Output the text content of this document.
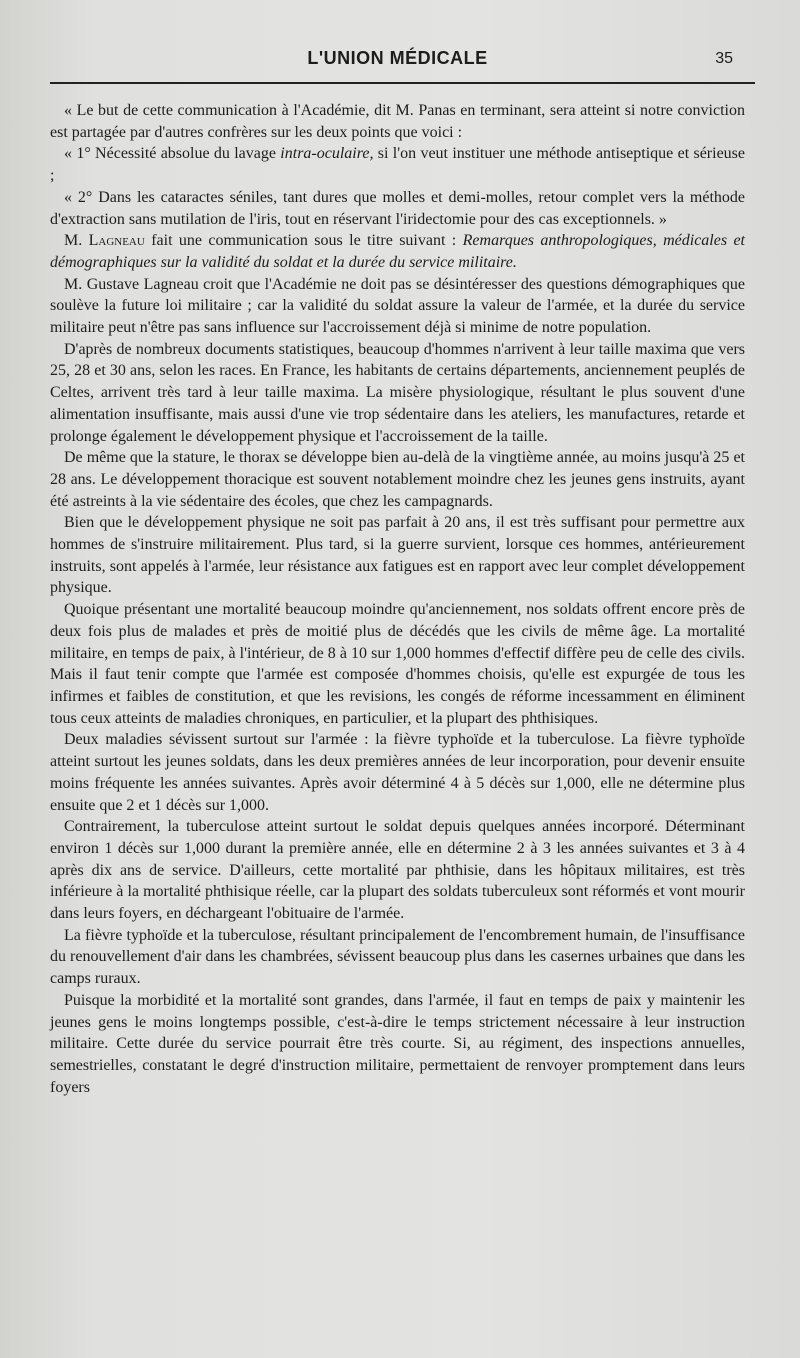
L'UNION MÉDICALE	35

« Le but de cette communication à l'Académie, dit M. Panas en terminant, sera atteint si notre conviction est partagée par d'autres confrères sur les deux points que voici :

« 1° Nécessité absolue du lavage intra-oculaire, si l'on veut instituer une méthode antiseptique et sérieuse ;

« 2° Dans les cataractes séniles, tant dures que molles et demi-molles, retour complet vers la méthode d'extraction sans mutilation de l'iris, tout en réservant l'iridectomie pour des cas exceptionnels. »

M. Lagneau fait une communication sous le titre suivant : Remarques anthropologiques, médicales et démographiques sur la validité du soldat et la durée du service militaire.

M. Gustave Lagneau croit que l'Académie ne doit pas se désintéresser des questions démographiques que soulève la future loi militaire ; car la validité du soldat assure la valeur de l'armée, et la durée du service militaire peut n'être pas sans influence sur l'accroissement déjà si minime de notre population.

D'après de nombreux documents statistiques, beaucoup d'hommes n'arrivent à leur taille maxima que vers 25, 28 et 30 ans, selon les races. En France, les habitants de certains départements, anciennement peuplés de Celtes, arrivent très tard à leur taille maxima. La misère physiologique, résultant le plus souvent d'une alimentation insuffisante, mais aussi d'une vie trop sédentaire dans les ateliers, les manufactures, retarde et prolonge également le développement physique et l'accroissement de la taille.

De même que la stature, le thorax se développe bien au-delà de la vingtième année, au moins jusqu'à 25 et 28 ans. Le développement thoracique est souvent notablement moindre chez les jeunes gens instruits, ayant été astreints à la vie sédentaire des écoles, que chez les campagnards.

Bien que le développement physique ne soit pas parfait à 20 ans, il est très suffisant pour permettre aux hommes de s'instruire militairement. Plus tard, si la guerre survient, lorsque ces hommes, antérieurement instruits, sont appelés à l'armée, leur résistance aux fatigues est en rapport avec leur complet développement physique.

Quoique présentant une mortalité beaucoup moindre qu'anciennement, nos soldats offrent encore près de deux fois plus de malades et près de moitié plus de décédés que les civils de même âge. La mortalité militaire, en temps de paix, à l'intérieur, de 8 à 10 sur 1,000 hommes d'effectif diffère peu de celle des civils. Mais il faut tenir compte que l'armée est composée d'hommes choisis, qu'elle est expurgée de tous les infirmes et faibles de constitution, et que les revisions, les congés de réforme incessamment en éliminent tous ceux atteints de maladies chroniques, en particulier, et la plupart des phthisiques.

Deux maladies sévissent surtout sur l'armée : la fièvre typhoïde et la tuberculose. La fièvre typhoïde atteint surtout les jeunes soldats, dans les deux premières années de leur incorporation, pour devenir ensuite moins fréquente les années suivantes. Après avoir déterminé 4 à 5 décès sur 1,000, elle ne détermine plus ensuite que 2 et 1 décès sur 1,000.

Contrairement, la tuberculose atteint surtout le soldat depuis quelques années incorporé. Déterminant environ 1 décès sur 1,000 durant la première année, elle en détermine 2 à 3 les années suivantes et 3 à 4 après dix ans de service. D'ailleurs, cette mortalité par phthisie, dans les hôpitaux militaires, est très inférieure à la mortalité phthisique réelle, car la plupart des soldats tuberculeux sont réformés et vont mourir dans leurs foyers, en déchargeant l'obituaire de l'armée.

La fièvre typhoïde et la tuberculose, résultant principalement de l'encombrement humain, de l'insuffisance du renouvellement d'air dans les chambrées, sévissent beaucoup plus dans les casernes urbaines que dans les camps ruraux.

Puisque la morbidité et la mortalité sont grandes, dans l'armée, il faut en temps de paix y maintenir les jeunes gens le moins longtemps possible, c'est-à-dire le temps strictement nécessaire à leur instruction militaire. Cette durée du service pourrait être très courte. Si, au régiment, des inspections annuelles, semestrielles, constatant le degré d'instruction militaire, permettaient de renvoyer promptement dans leurs foyers
